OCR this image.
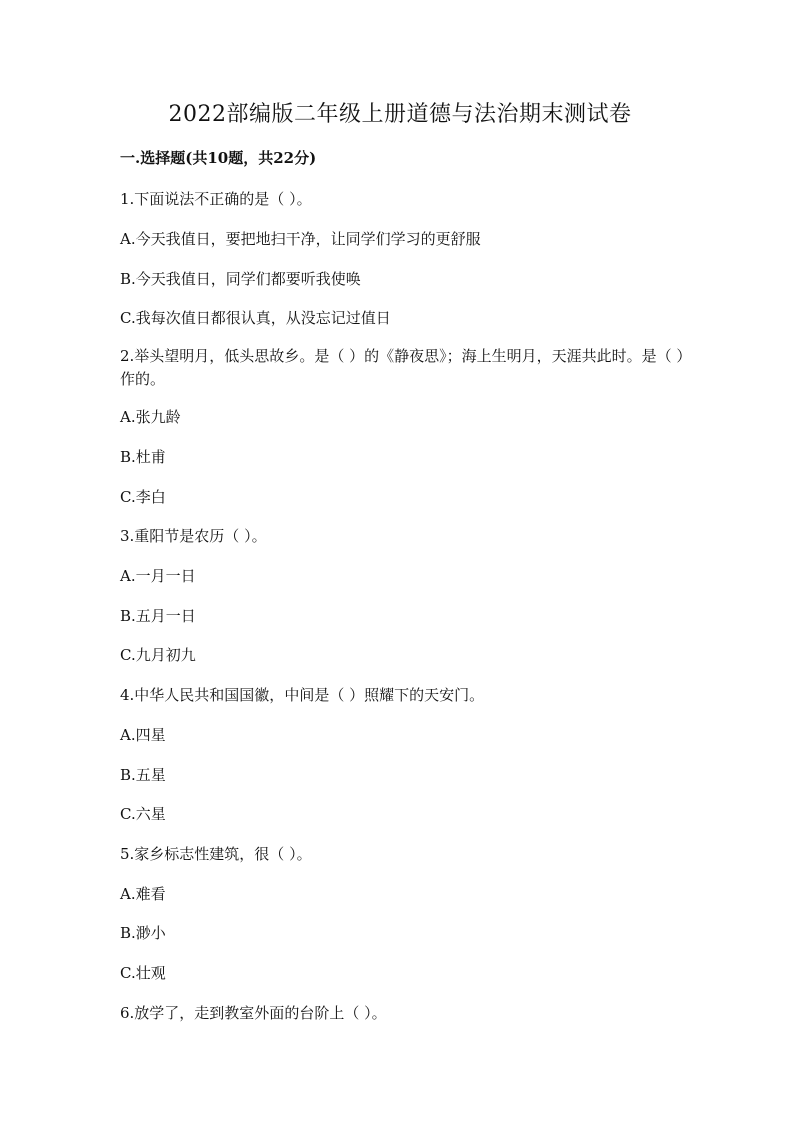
2022部编版二年级上册道德与法治期末测试卷
一.选择题(共10题，共22分)
1.下面说法不正确的是（ ）。
A.今天我值日，要把地扫干净，让同学们学习的更舒服
B.今天我值日，同学们都要听我使唤
C.我每次值日都很认真，从没忘记过值日
2.举头望明月，低头思故乡。是（ ）的《静夜思》；海上生明月，天涯共此时。是（ ）作的。
A.张九龄
B.杜甫
C.李白
3.重阳节是农历（ ）。
A.一月一日
B.五月一日
C.九月初九
4.中华人民共和国国徽，中间是（ ）照耀下的天安门。
A.四星
B.五星
C.六星
5.家乡标志性建筑，很（ ）。
A.难看
B.渺小
C.壮观
6.放学了，走到教室外面的台阶上（ ）。
